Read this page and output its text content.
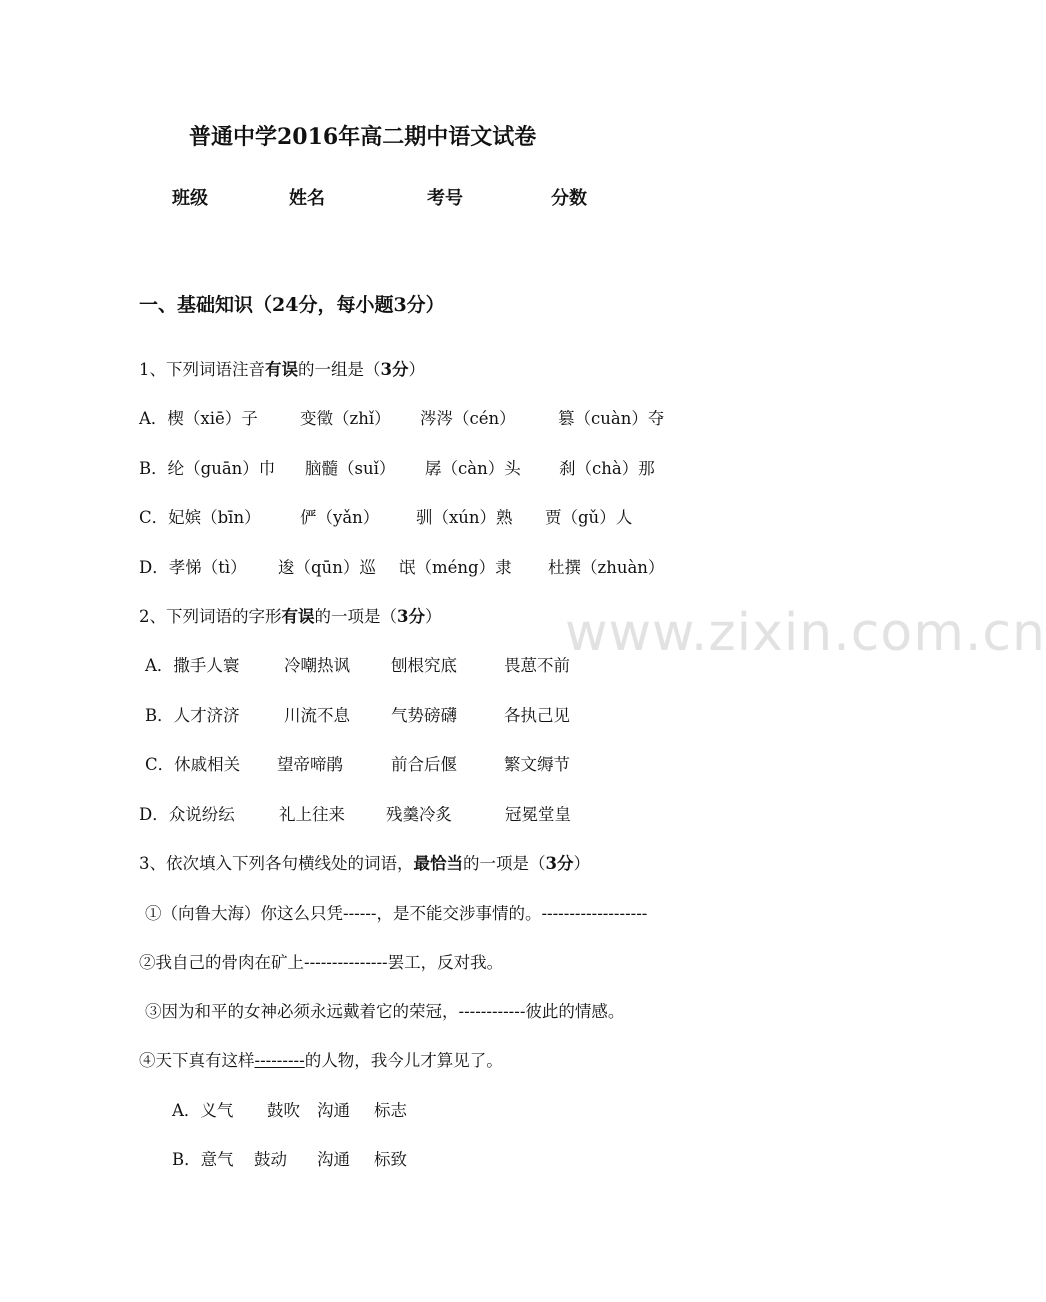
www.zixin.com.cn
普通中学2016年高二期中语文试卷
班级	姓名	考号	分数
一、基础知识（24分，每小题3分）
1、下列词语注音有误的一组是（3分）
A．楔（xiē）子	变徵（zhǐ） 涔涔（cén）	篡（cuàn）夺
B．纶（guān）巾 脑髓（suǐ） 孱（càn）头 刹（chà）那
C．妃嫔（bīn） 俨（yǎn） 驯（xún）熟 贾（gǔ）人
D．孝悌（tì） 逡（qūn）巡 氓（méng）隶 杜撰（zhuàn）
2、下列词语的字形有误的一项是（3分）
A．撒手人寰	冷嘲热讽 刨根究底	畏葸不前
B．人才济济	川流不息 气势磅礴	各执己见
C．休戚相关 望帝啼鹃	前合后偃	繁文缛节
D．众说纷纭	礼上往来 残羹冷炙	冠冕堂皇
3、依次填入下列各句横线处的词语，最恰当的一项是（3分）
①（向鲁大海）你这么只凭------，是不能交涉事情的。-------------------
②我自己的骨肉在矿上---------------罢工，反对我。
③因为和平的女神必须永远戴着它的荣冠，------------彼此的情感。
④天下真有这样---------的人物，我今儿才算见了。
A．义气 鼓吹 沟通 标志
B．意气 鼓动 沟通 标致
